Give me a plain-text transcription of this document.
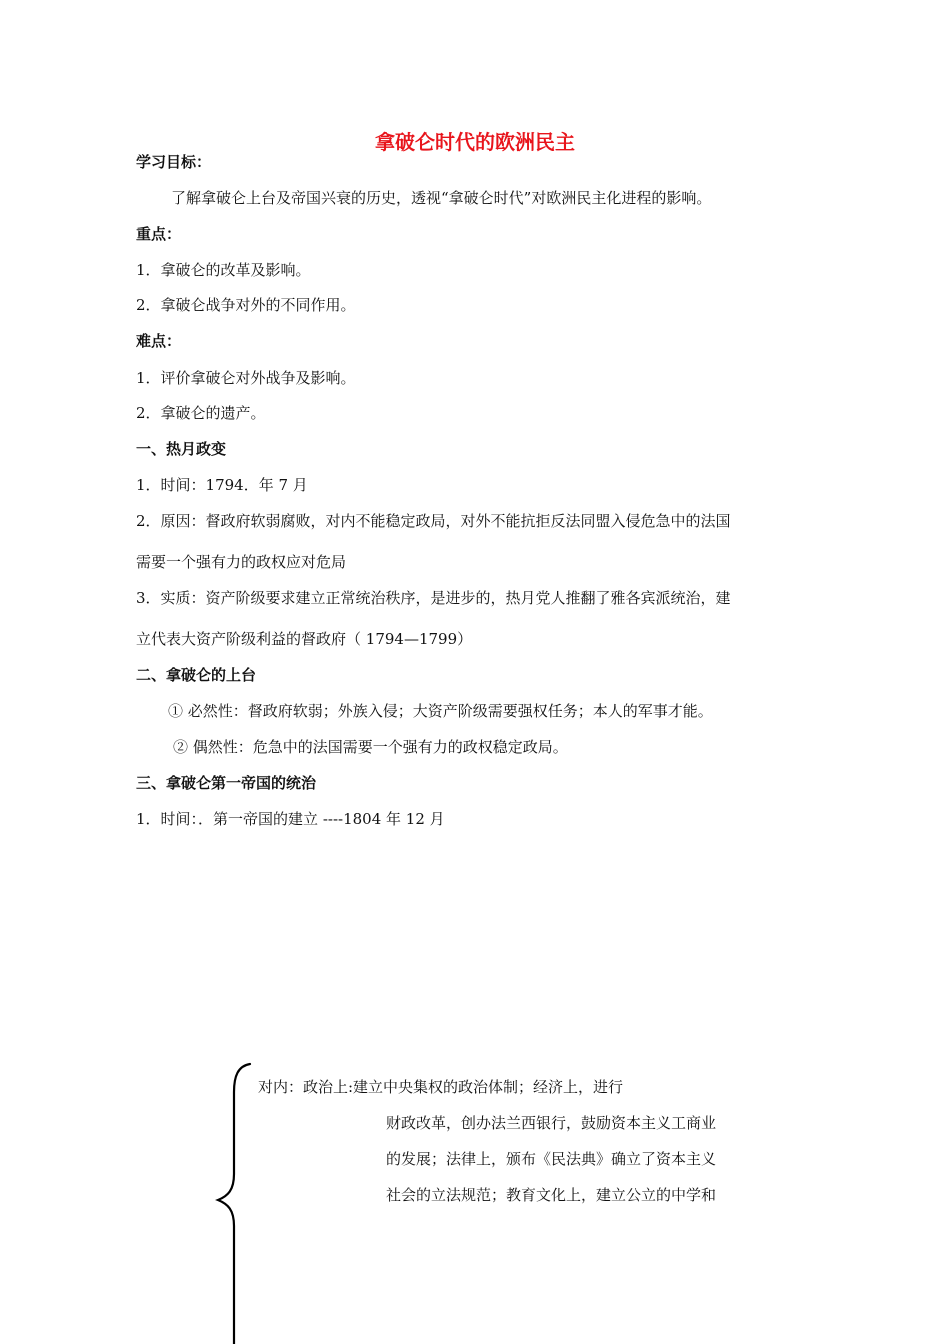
拿破仑时代的欧洲民主
学习目标：
了解拿破仑上台及帝国兴衰的历史，透视“拿破仑时代”对欧洲民主化进程的影响。
重点：
1．拿破仑的改革及影响。
2．拿破仑战争对外的不同作用。
难点：
1．评价拿破仑对外战争及影响。
2．拿破仑的遗产。
一、热月政变
1．时间：1794．年 7 月
2．原因：督政府软弱腐败，对内不能稳定政局，对外不能抗拒反法同盟入侵危急中的法国
需要一个强有力的政权应对危局
3．实质：资产阶级要求建立正常统治秩序，是进步的，热月党人推翻了雅各宾派统治，建
立代表大资产阶级利益的督政府（ 1794—1799）
二、拿破仑的上台
① 必然性：督政府软弱；外族入侵；大资产阶级需要强权任务；本人的军事才能。
② 偶然性：危急中的法国需要一个强有力的政权稳定政局。
三、拿破仑第一帝国的统治
1．时间：．第一帝国的建立 ----1804 年 12 月
对内：政治上:建立中央集权的政治体制；经济上，进行
财政改革，创办法兰西银行，鼓励资本主义工商业
的发展；法律上，颁布《民法典》确立了资本主义
社会的立法规范；教育文化上，建立公立的中学和
